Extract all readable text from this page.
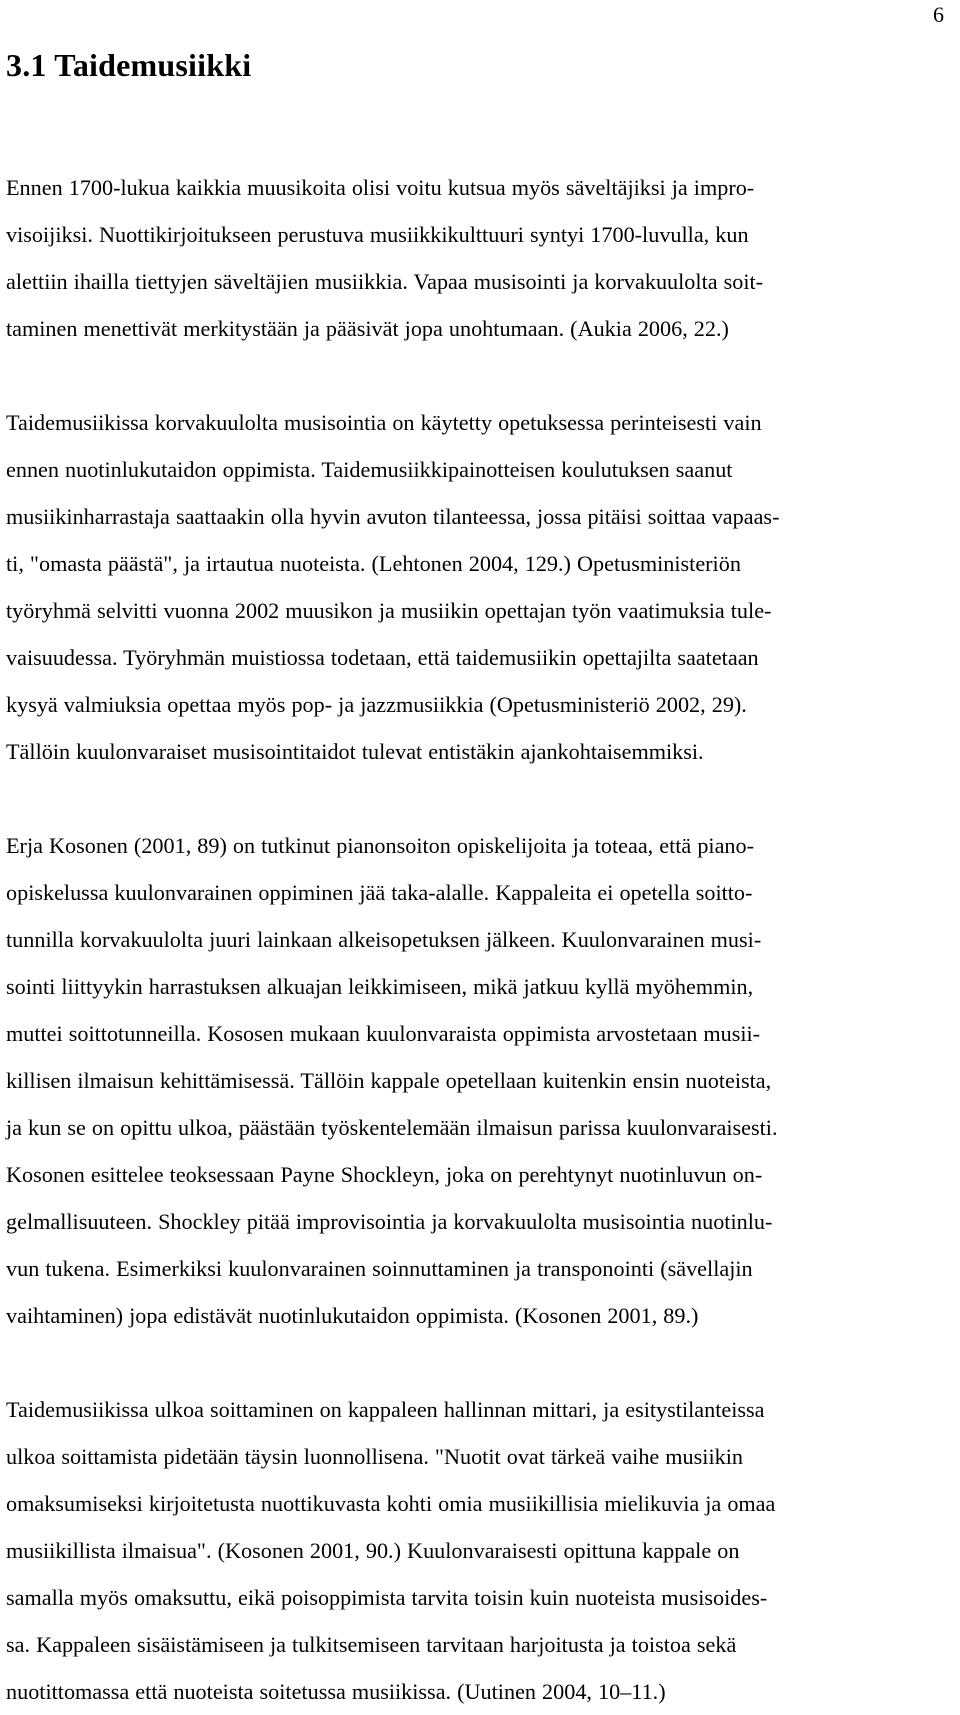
6
3.1 Taidemusiikki

Ennen 1700-lukua kaikkia muusikoita olisi voitu kutsua myös säveltäjiksi ja impro-
visoijiksi. Nuottikirjoitukseen perustuva musiikkikulttuuri syntyi 1700-luvulla, kun
alettiin ihailla tiettyjen säveltäjien musiikkia. Vapaa musisointi ja korvakuulolta soit-
taminen menettivät merkitystään ja pääsivät jopa unohtumaan. (Aukia 2006, 22.)

Taidemusiikissa korvakuulolta musisointia on käytetty opetuksessa perinteisesti vain
ennen nuotinlukutaidon oppimista. Taidemusiikkipainotteisen koulutuksen saanut
musiikinharrastaja saattaakin olla hyvin avuton tilanteessa, jossa pitäisi soittaa vapaas-
ti, "omasta päästä", ja irtautua nuoteista. (Lehtonen 2004, 129.) Opetusministeriön
työryhmä selvitti vuonna 2002 muusikon ja musiikin opettajan työn vaatimuksia tule-
vaisuudessa. Työryhmän muistiossa todetaan, että taidemusiikin opettajilta saatetaan
kysyä valmiuksia opettaa myös pop- ja jazzmusiikkia (Opetusministeriö 2002, 29).
Tällöin kuulonvaraiset musisointitaidot tulevat entistäkin ajankohtaisemmiksi.

Erja Kosonen (2001, 89) on tutkinut pianonsoiton opiskelijoita ja toteaa, että piano-
opiskelussa kuulonvarainen oppiminen jää taka-alalle. Kappaleita ei opetella soitto-
tunnilla korvakuulolta juuri lainkaan alkeisopetuksen jälkeen. Kuulonvarainen musi-
sointi liittyykin harrastuksen alkuajan leikkimiseen, mikä jatkuu kyllä myöhemmin,
muttei soittotunneilla. Kososen mukaan kuulonvaraista oppimista arvostetaan musii-
killisen ilmaisun kehittämisessä. Tällöin kappale opetellaan kuitenkin ensin nuoteista,
ja kun se on opittu ulkoa, päästään työskentelemään ilmaisun parissa kuulonvaraisesti.
Kosonen esittelee teoksessaan Payne Shockleyn, joka on perehtynyt nuotinluvun on-
gelmallisuuteen. Shockley pitää improvisointia ja korvakuulolta musisointia nuotinlu-
vun tukena. Esimerkiksi kuulonvarainen soinnuttaminen ja transponointi (sävellajin
vaihtaminen) jopa edistävät nuotinlukutaidon oppimista. (Kosonen 2001, 89.)

Taidemusiikissa ulkoa soittaminen on kappaleen hallinnan mittari, ja esitystilanteissa
ulkoa soittamista pidetään täysin luonnollisena. "Nuotit ovat tärkeä vaihe musiikin
omaksumiseksi kirjoitetusta nuottikuvasta kohti omia musiikillisia mielikuvia ja omaa
musiikillista ilmaisua". (Kosonen 2001, 90.) Kuulonvaraisesti opittuna kappale on
samalla myös omaksuttu, eikä poisoppimista tarvita toisin kuin nuoteista musisoides-
sa. Kappaleen sisäistämiseen ja tulkitsemiseen tarvitaan harjoitusta ja toistoa sekä
nuotittomassa että nuoteista soitetussa musiikissa. (Uutinen 2004, 10–11.)
